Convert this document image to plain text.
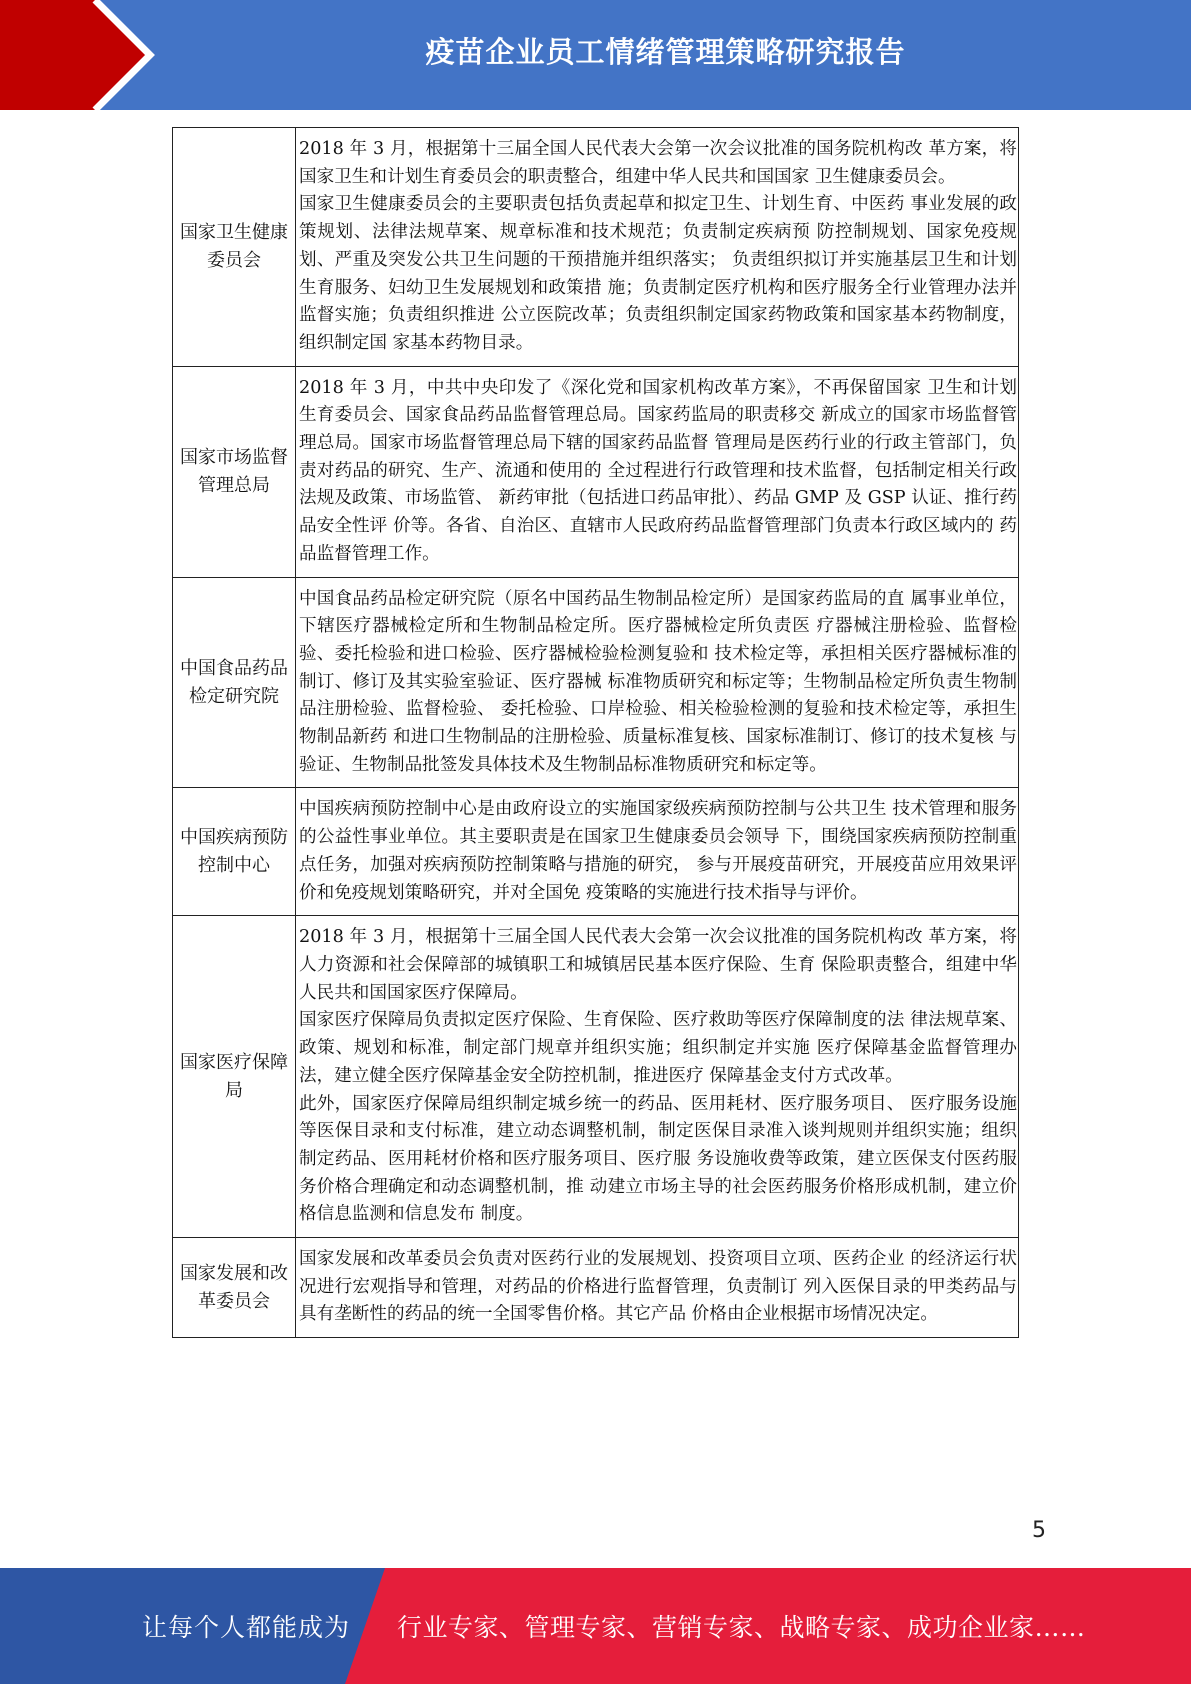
疫苗企业员工情绪管理策略研究报告
国家卫生健康委员会	2018 年 3 月，根据第十三届全国人民代表大会第一次会议批准的国务院机构改 革方案，将国家卫生和计划生育委员会的职责整合，组建中华人民共和国国家 卫生健康委员会。

国家卫生健康委员会的主要职责包括负责起草和拟定卫生、计划生育、中医药 事业发展的政策规划、法律法规草案、规章标准和技术规范；负责制定疾病预 防控制规划、国家免疫规划、严重及突发公共卫生问题的干预措施并组织落实； 负责组织拟订并实施基层卫生和计划生育服务、妇幼卫生发展规划和政策措 施；负责制定医疗机构和医疗服务全行业管理办法并监督实施；负责组织推进 公立医院改革；负责组织制定国家药物政策和国家基本药物制度，组织制定国 家基本药物目录。

国家市场监督管理总局	2018 年 3 月，中共中央印发了《深化党和国家机构改革方案》，不再保留国家 卫生和计划生育委员会、国家食品药品监督管理总局。国家药监局的职责移交 新成立的国家市场监督管理总局。国家市场监督管理总局下辖的国家药品监督 管理局是医药行业的行政主管部门，负责对药品的研究、生产、流通和使用的 全过程进行行政管理和技术监督，包括制定相关行政法规及政策、市场监管、 新药审批（包括进口药品审批）、药品 GMP 及 GSP 认证、推行药品安全性评 价等。各省、自治区、直辖市人民政府药品监督管理部门负责本行政区域内的 药品监督管理工作。

中国食品药品检定研究院	中国食品药品检定研究院（原名中国药品生物制品检定所）是国家药监局的直 属事业单位，下辖医疗器械检定所和生物制品检定所。医疗器械检定所负责医 疗器械注册检验、监督检验、委托检验和进口检验、医疗器械检验检测复验和 技术检定等，承担相关医疗器械标准的制订、修订及其实验室验证、医疗器械 标准物质研究和标定等；生物制品检定所负责生物制品注册检验、监督检验、 委托检验、口岸检验、相关检验检测的复验和技术检定等，承担生物制品新药 和进口生物制品的注册检验、质量标准复核、国家标准制订、修订的技术复核 与验证、生物制品批签发具体技术及生物制品标准物质研究和标定等。

中国疾病预防控制中心	中国疾病预防控制中心是由政府设立的实施国家级疾病预防控制与公共卫生 技术管理和服务的公益性事业单位。其主要职责是在国家卫生健康委员会领导 下，围绕国家疾病预防控制重点任务，加强对疾病预防控制策略与措施的研究， 参与开展疫苗研究，开展疫苗应用效果评价和免疫规划策略研究，并对全国免 疫策略的实施进行技术指导与评价。

国家医疗保障局	2018 年 3 月，根据第十三届全国人民代表大会第一次会议批准的国务院机构改 革方案，将人力资源和社会保障部的城镇职工和城镇居民基本医疗保险、生育 保险职责整合，组建中华人民共和国国家医疗保障局。

国家医疗保障局负责拟定医疗保险、生育保险、医疗救助等医疗保障制度的法 律法规草案、政策、规划和标准，制定部门规章并组织实施；组织制定并实施 医疗保障基金监督管理办法，建立健全医疗保障基金安全防控机制，推进医疗 保障基金支付方式改革。

此外，国家医疗保障局组织制定城乡统一的药品、医用耗材、医疗服务项目、 医疗服务设施等医保目录和支付标准，建立动态调整机制，制定医保目录准入谈判规则并组织实施；组织制定药品、医用耗材价格和医疗服务项目、医疗服 务设施收费等政策，建立医保支付医药服务价格合理确定和动态调整机制，推 动建立市场主导的社会医药服务价格形成机制，建立价格信息监测和信息发布 制度。

国家发展和改革委员会	国家发展和改革委员会负责对医药行业的发展规划、投资项目立项、医药企业 的经济运行状况进行宏观指导和管理，对药品的价格进行监督管理，负责制订 列入医保目录的甲类药品与具有垄断性的药品的统一全国零售价格。其它产品 价格由企业根据市场情况决定。

5
让每个人都能成为 行业专家、管理专家、营销专家、战略专家、成功企业家……
